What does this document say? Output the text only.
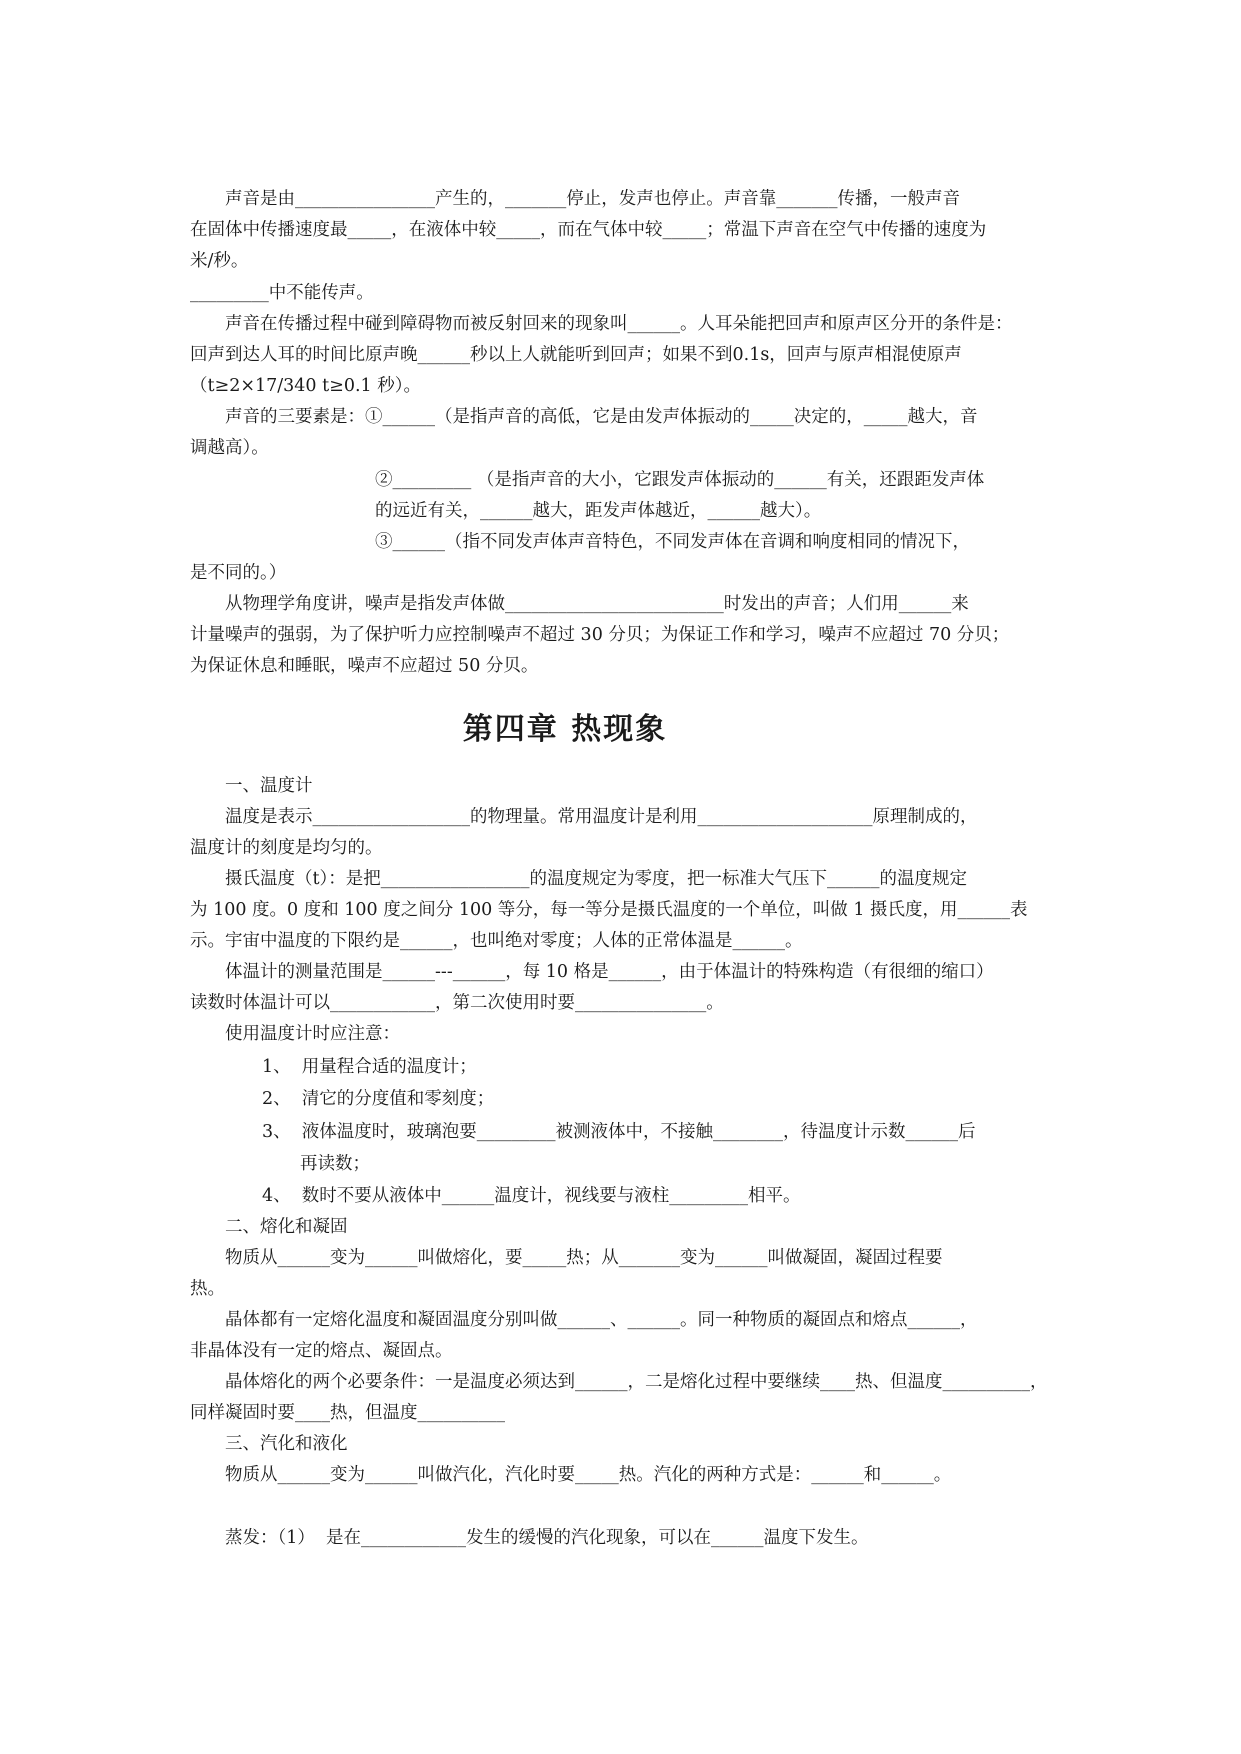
声音是由________________产生的，_______停止，发声也停止。声音靠_______传播，一般声音
在固体中传播速度最_____，在液体中较_____，而在气体中较_____；常温下声音在空气中传播的速度为
米/秒。
_________中不能传声。
声音在传播过程中碰到障碍物而被反射回来的现象叫______。人耳朵能把回声和原声区分开的条件是：
回声到达人耳的时间比原声晚______秒以上人就能听到回声；如果不到0.1s，回声与原声相混使原声
（t≥2×17/340 t≥0.1 秒）。
声音的三要素是：①______（是指声音的高低，它是由发声体振动的_____决定的，_____越大，音
调越高）。
②_________ （是指声音的大小，它跟发声体振动的______有关，还跟距发声体
的远近有关，______越大，距发声体越近，______越大）。
③______（指不同发声体声音特色，不同发声体在音调和响度相同的情况下，
是不同的。）
从物理学角度讲，噪声是指发声体做_________________________时发出的声音；人们用______来
计量噪声的强弱，为了保护听力应控制噪声不超过 30 分贝；为保证工作和学习，噪声不应超过 70 分贝；
为保证休息和睡眠，噪声不应超过 50 分贝。
第四章 热现象
一、温度计
温度是表示__________________的物理量。常用温度计是利用____________________原理制成的，
温度计的刻度是均匀的。
摄氏温度（t）：是把_________________的温度规定为零度，把一标准大气压下______的温度规定
为 100 度。0 度和 100 度之间分 100 等分，每一等分是摄氏温度的一个单位，叫做 1 摄氏度，用______表
示。宇宙中温度的下限约是______，也叫绝对零度；人体的正常体温是______。
体温计的测量范围是______---______，每 10 格是______，由于体温计的特殊构造（有很细的缩口）
读数时体温计可以____________，第二次使用时要_______________。
使用温度计时应注意：
1、  用量程合适的温度计；
2、  清它的分度值和零刻度；
3、  液体温度时，玻璃泡要_________被测液体中，不接触________，待温度计示数______后
再读数；
4、  数时不要从液体中______温度计，视线要与液柱_________相平。
二、熔化和凝固
物质从______变为______叫做熔化，要_____热；从_______变为______叫做凝固，凝固过程要
热。
晶体都有一定熔化温度和凝固温度分别叫做______、______。同一种物质的凝固点和熔点______，
非晶体没有一定的熔点、凝固点。
晶体熔化的两个必要条件：一是温度必须达到______，二是熔化过程中要继续____热、但温度__________，
同样凝固时要____热，但温度__________
三、汽化和液化
物质从______变为______叫做汽化，汽化时要_____热。汽化的两种方式是：______和______。
蒸发：（1）  是在____________发生的缓慢的汽化现象，可以在______温度下发生。
